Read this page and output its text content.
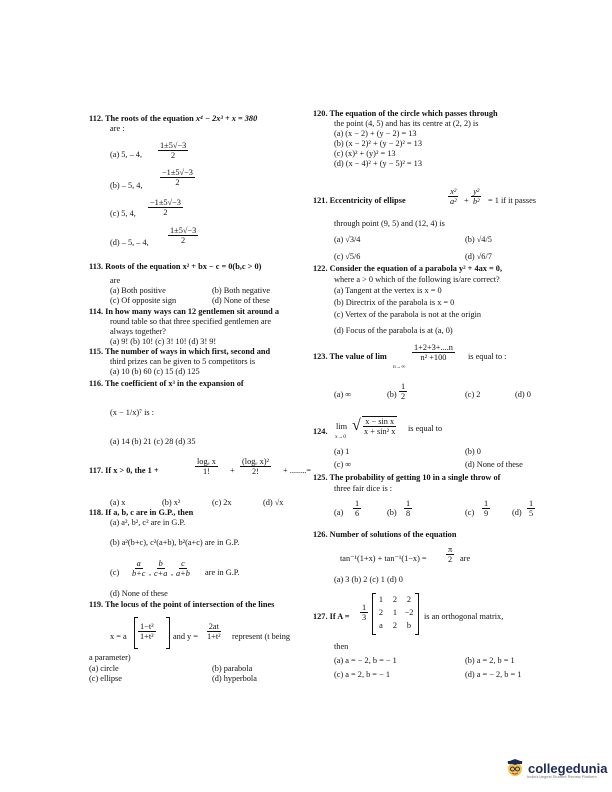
112. The roots of the equation x⁴ − 2x³ + x = 380
are :
(a) 5, – 4,
1±5√−3
2
(b) – 5, 4,
−1±5√−3
2
(c) 5, 4,
−1±5√−3
2
(d) – 5, – 4,
1±5√−3
2
113. Roots of the equation x² + bx − c = 0(b,c > 0)
are
(a) Both positive	(b) Both negative
(c) Of opposite sign	(d) None of these
114. In how many ways can 12 gentlemen sit around a
round table so that three specified gentlemen are
always together?
(a) 9! (b) 10! (c) 3! 10! (d) 3! 9!
115. The number of ways in which first, second and
third prizes can be given to 5 competitors is
(a) 10 (b) 60 (c) 15 (d) 125
116. The coefficient of x³ in the expansion of
(x − 1/x)⁷ is :
(a) 14 (b) 21 (c) 28 (d) 35
117. If x > 0, the 1 +
logₑ x
1! +
(logₑ x)²
2!	+ ........=
(a) x	(b) x²	(c) 2x	(d) √x
118. If a, b, c are in G.P., then
(a) a², b², c² are in G.P.
(b) a²(b+c), c²(a+b), b²(a+c) are in G.P.
(c)
a
b+c ,
b
c+a ,
c
a+b are in G.P.
(d) None of these
119. The locus of the point of intersection of the lines
x = a
1−t²
1+t² and y =
2at
1+t² represent (t being
a parameter)
(a) circle	(b) parabola
(c) ellipse	(d) hyperbola
120. The equation of the circle which passes through
the point (4, 5) and has its centre at (2, 2) is
(a) (x − 2) + (y − 2) = 13
(b) (x − 2)² + (y − 2)² = 13
(c) (x)² + (y)² = 13
(d) (x − 4)² + (y − 5)² = 13
121. Eccentricity of ellipse
x²
a² +
y²
b² = 1 if it passes
through point (9, 5) and (12, 4) is
(a) √3/4	(b) √4/5
(c) √5/6	(d) √6/7
122. Consider the equation of a parabola y² + 4ax = 0,
where a > 0 which of the following is/are correct?
(a) Tangent at the vertex is x = 0
(b) Directrix of the parabola is x = 0
(c) Vertex of the parabola is not at the origin
(d) Focus of the parabola is at (a, 0)
123. The value of lim
n→∞
1+2+3+....n
n² +100	is equal to :
(a) ∞	(b)
1
2	(c) 2	(d) 0
124.
lim
x→0
√ x − sin x
x + sin² x is equal to
(a) 1	(b) 0
(c) ∞	(d) None of these
125. The probability of getting 10 in a single throw of
three fair dice is :
(a)
1
6	(b)
1
8	(c)
1
9	(d)
1
5
126. Number of solutions of the equation
tan⁻¹(1+x) + tan⁻¹(1−x) =
π
2 are
(a) 3 (b) 2 (c) 1 (d) 0
127. If A =
1
3
1	2	2
2	1 −2
a	2	b
is an orthogonal matrix,
then
(a) a = − 2, b = − 1	(b) a = 2, b = 1
(c) a = 2, b = − 1	(d) a = − 2, b = 1
collegedunia
India's largest Student Review Platform
